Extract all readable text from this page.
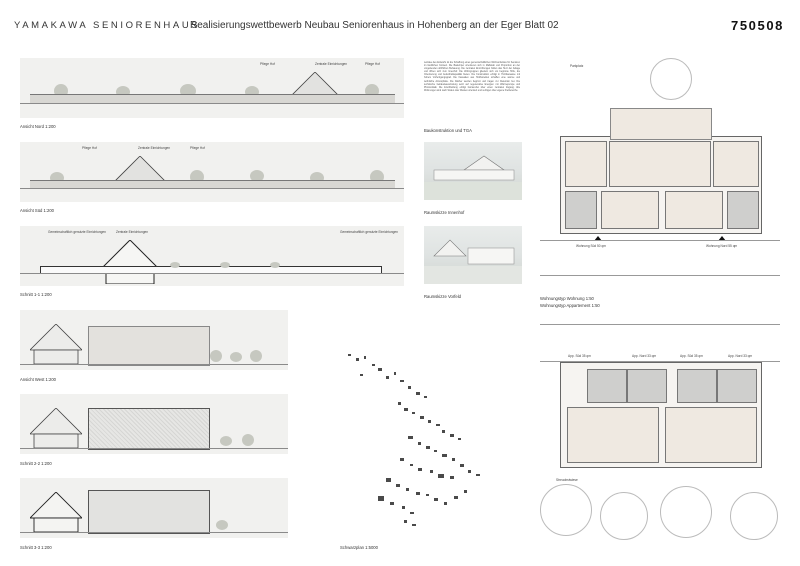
YAMAKAWA SENIORENHAUS
Realisierungswettbewerb Neubau Seniorenhaus in Hohenberg an der Eger Blatt 02	750508
Pflege Hof	Zentrale Einrichtungen	Pflege Hof
Ansicht Nord 1:200
Pflege Hof	Zentrale Einrichtungen	Pflege Hof
Ansicht Süd 1:200
Gemeinschaftlich genutzte Einrichtungen	Zentrale Einrichtungen	Gemeinschaftlich genutzte Einrichtungen
Schnitt 1-1 1:200
Ansicht West 1:200
Schnitt 2-2 1:200
Schnitt 3-3 1:200
Leitidee des Entwurfs ist die Schaffung eines gemeinschaftlichen Wohnumfeldes für Senioren im ländlichen Kontext. Die Baukörper orientieren sich in Maßstab und Proportion an der umgebenden dörflichen Bebauung. Die zentralen Einrichtungen bilden das Herz der Anlage und öffnen sich zum Innenhof. Die Wohngruppen gliedern sich um begrünte Höfe, die Orientierung und Aufenthaltsqualität bieten. Die Konstruktion erfolgt in Holzbauweise mit hohem Vorfertigungsgrad. Die Fassaden aus Holzlamellen schaffen eine warme und wohnliche Atmosphäre. Die Dächer werden begrünt und tragen zur Retention bei. Die technische Gebäudeausrüstung setzt auf regenerative Energien mit Wärmepumpe und Photovoltaik. Die Erschließung erfolgt barrierefrei über einen zentralen Zugang. Alle Wohnungen sind nach Süden oder Westen orientiert und verfügen über eigene Freibereiche.
Baukonstruktion und TGA
Raumskizze Innenhof
Raumskizze Vorfeld
Schwarzplan 1:5000
Parkplatz
Wohnung Süd 50 qm	Wohnung Nord 55 qm
Wohnungstyp Wohnung 1:50
Wohnungstyp Appartement 1:50
App. Süd 35 qm	App. Nord 33 qm	App. Süd 35 qm	App. Nord 33 qm
Streuobstwiese
